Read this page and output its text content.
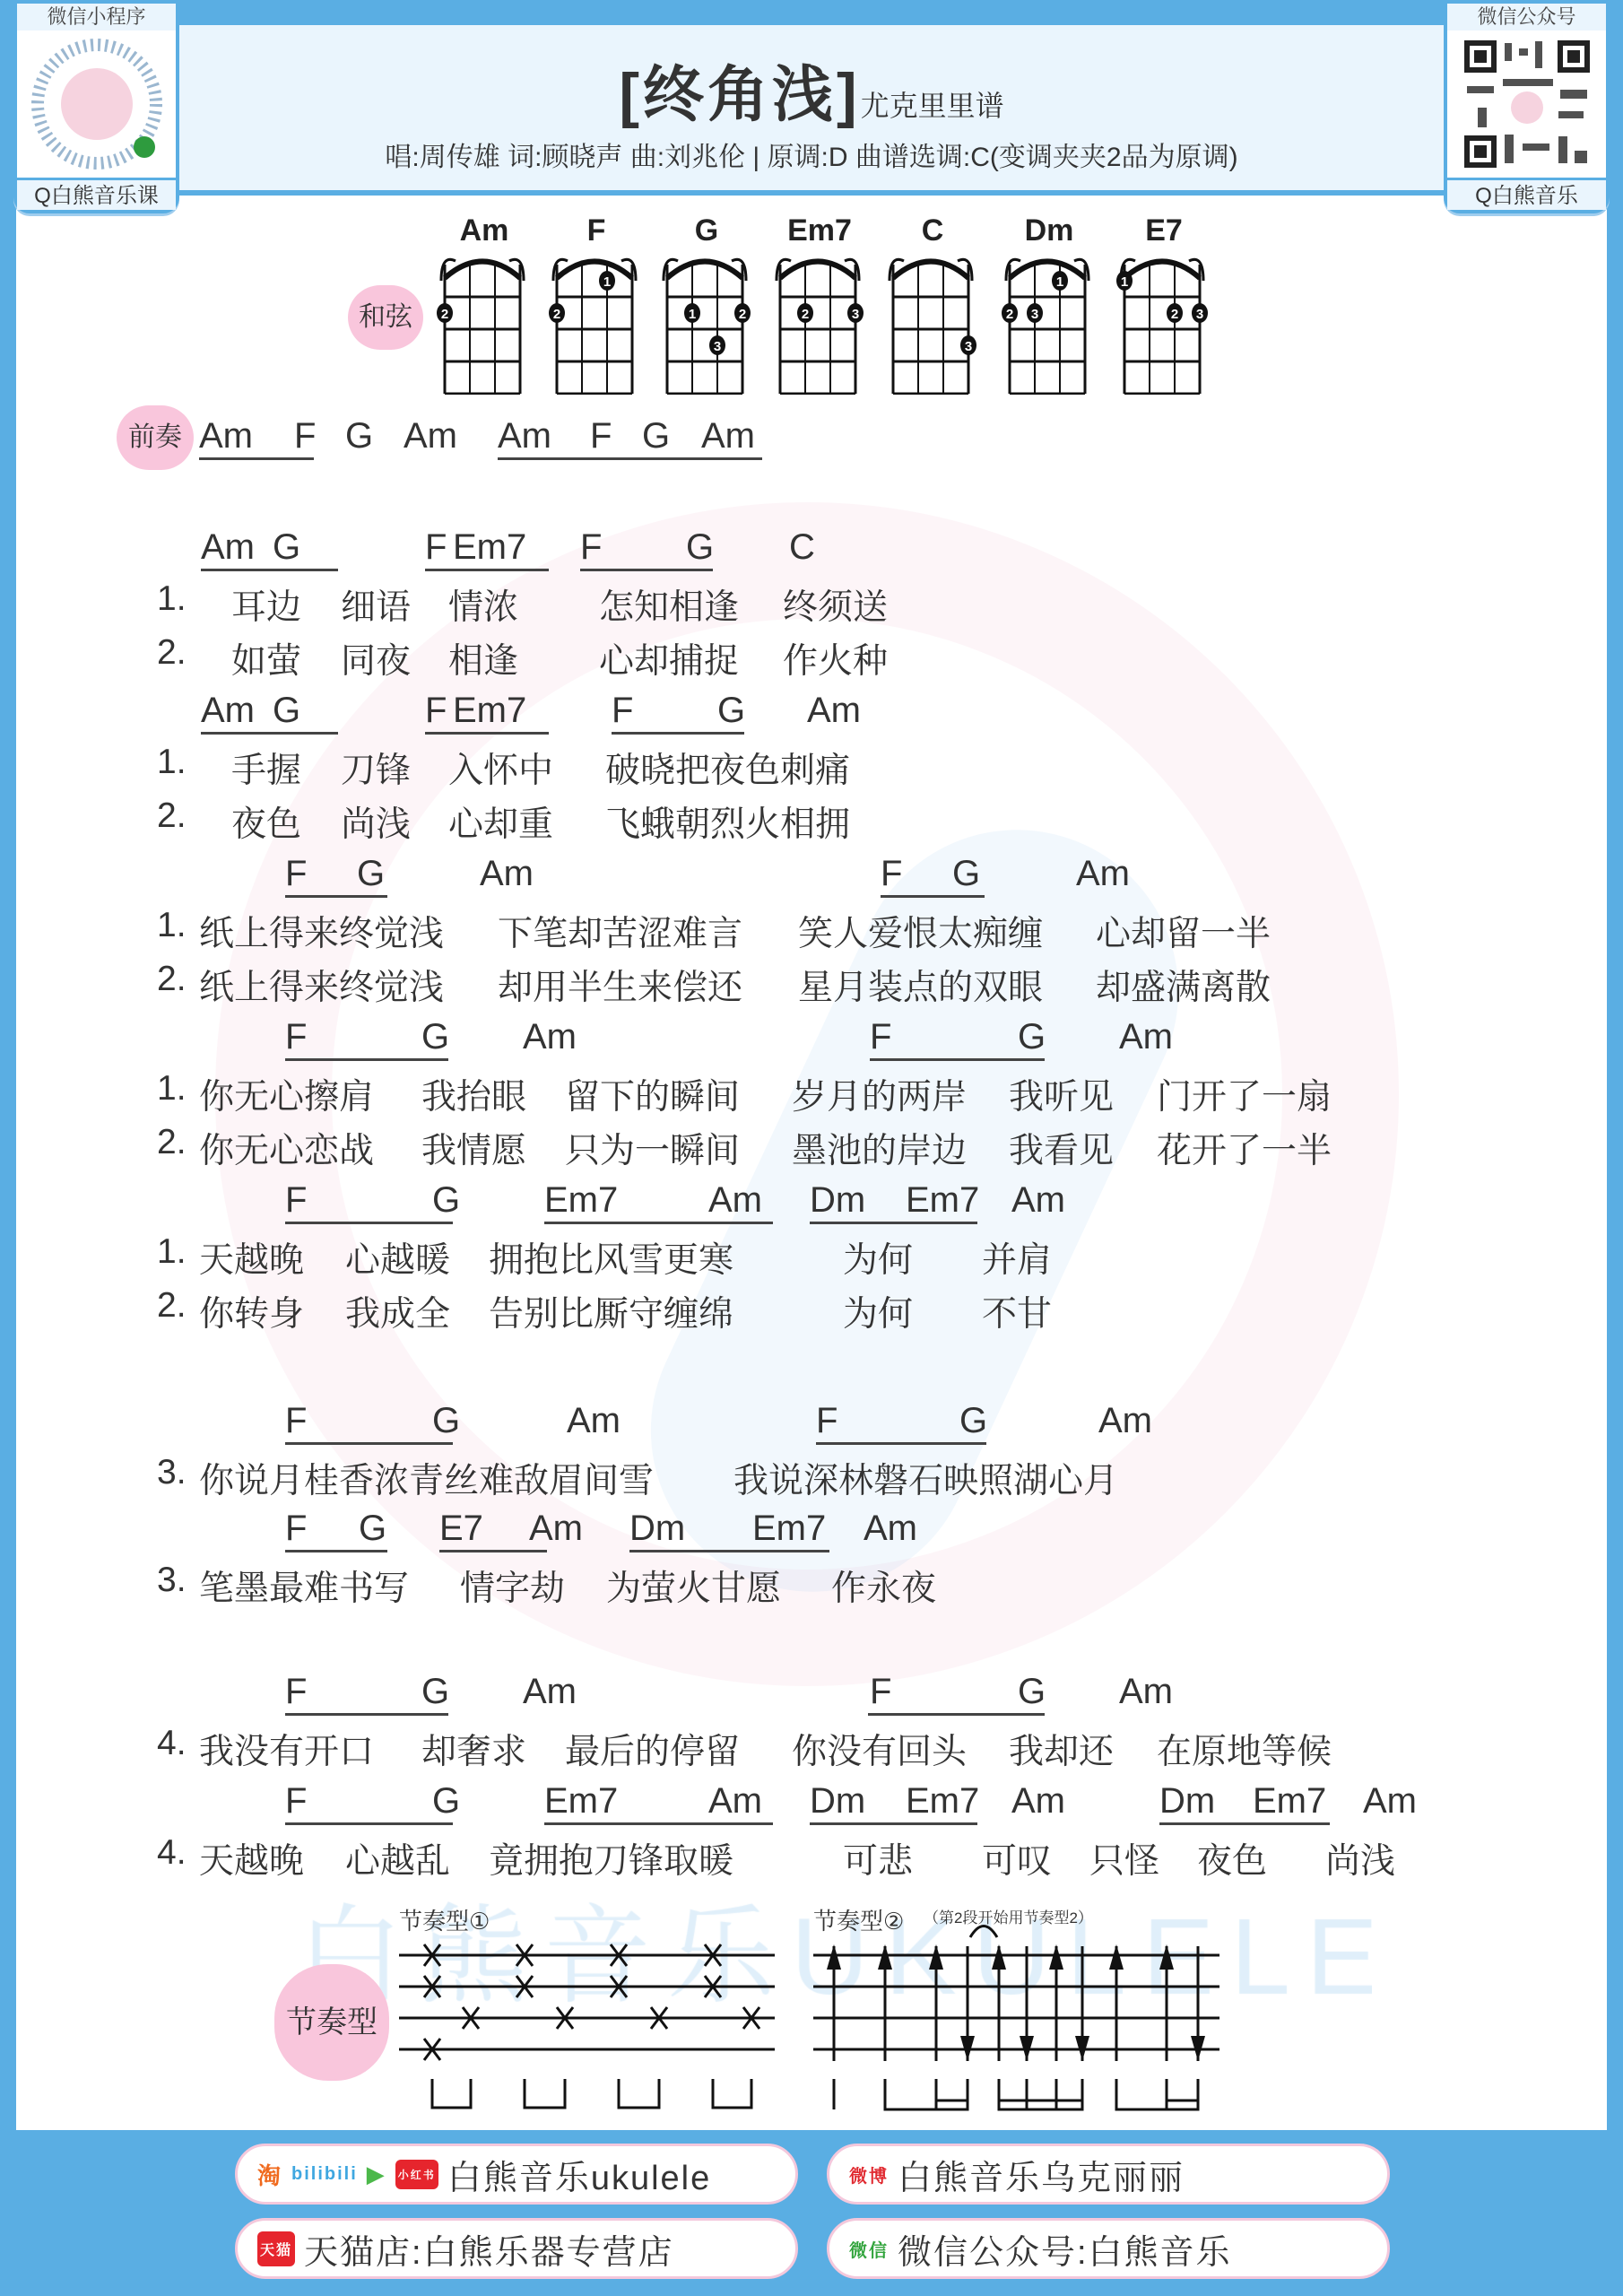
微信小程序
Q白熊音乐课
微信公众号
Q白熊音乐
[终角浅]尤克里里谱
唱:周传雄 词:顾晓声 曲:刘兆伦 | 原调:D 曲谱选调:C(变调夹夹2品为原调)
和弦
Am
2
F
2
1
G
1
3
2
Em7
2	3
C
3
Dm
2 3
1
E7
1
2 3
前奏 Am F G Am Am F G Am
Am G	F Em7 F G C
Am G	F Em7 F G Am
F G	Am	F G	Am
F	G Am	F	G Am
F	G Em7	Am Dm Em7 Am
F	G	Am	F	G	Am
F G E7 Am Dm Em7 Am
F	G Am	F	G Am
F	G Em7	Am Dm Em7 Am	Dm Em7 Am
1. 耳边 细语 情浓 怎知相逢 终须送
2. 如萤 同夜 相逢 心却捕捉 作火种
1. 手握 刀锋 入怀中 破晓把夜色刺痛
2. 夜色 尚浅 心却重 飞蛾朝烈火相拥
1. 纸上得来终觉浅 下笔却苦涩难言 笑人爱恨太痴缠 心却留一半
2. 纸上得来终觉浅 却用半生来偿还 星月装点的双眼 却盛满离散
1. 你无心擦肩 我抬眼 留下的瞬间 岁月的两岸 我听见 门开了一扇
2. 你无心恋战 我情愿 只为一瞬间 墨池的岸边 我看见 花开了一半
1. 天越晚 心越暖 拥抱比风雪更寒	为何 并肩
2. 你转身 我成全 告别比厮守缠绵	为何 不甘
3. 你说月桂香浓青丝难敌眉间雪 我说深林磐石映照湖心月
3. 笔墨最难书写 情字劫 为萤火甘愿 作永夜
4. 我没有开口 却奢求 最后的停留 你没有回头 我却还 在原地等候
4. 天越晚 心越乱 竟拥抱刀锋取暖	可悲 可叹 只怪 夜色 尚浅
节奏型
节奏型①	节奏型② （第2段开始用节奏型2）
淘 bilibili ▶ 小红书 白熊音乐ukulele	微博 白熊音乐乌克丽丽
天猫 天猫店:白熊乐器专营店	微信 微信公众号:白熊音乐
